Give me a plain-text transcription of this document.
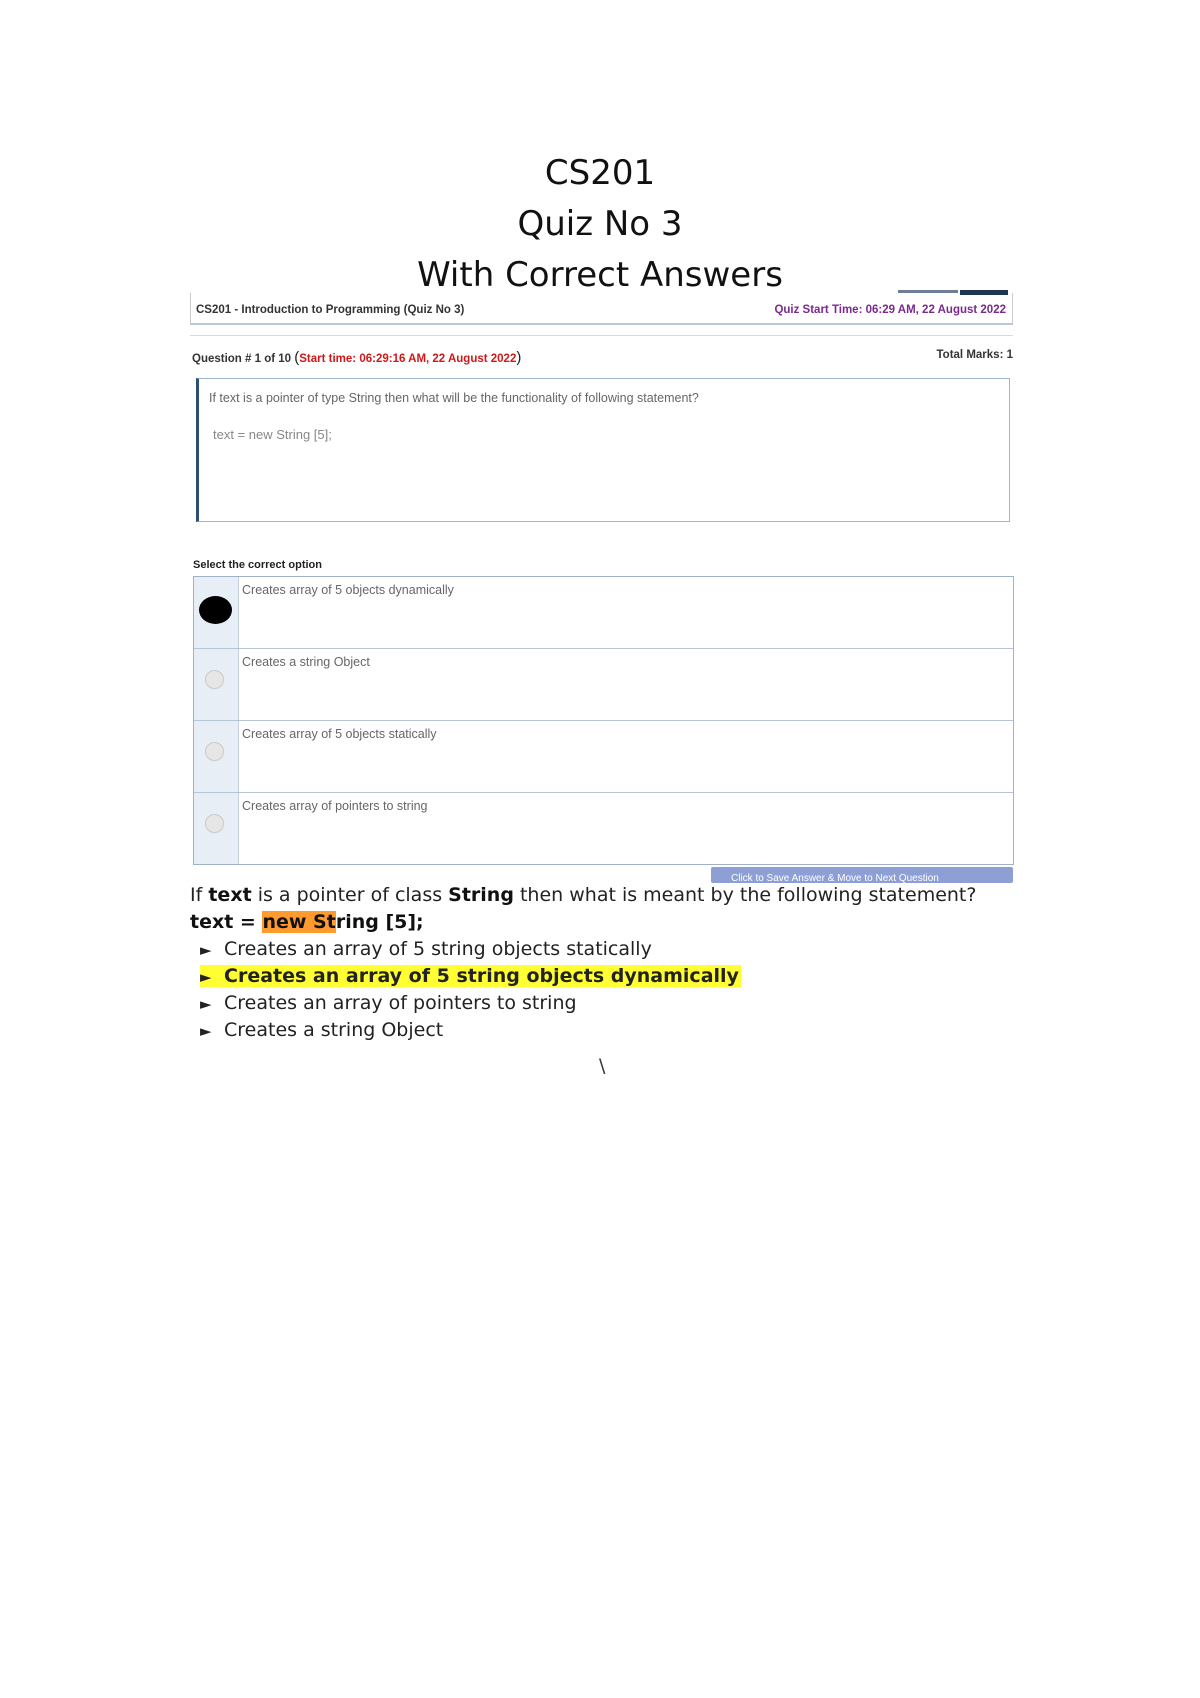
CS201
Quiz No 3
With Correct Answers
CS201 - Introduction to Programming (Quiz No 3)	Quiz Start Time: 06:29 AM, 22 August 2022
Question # 1 of 10 (Start time: 06:29:16 AM, 22 August 2022)	Total Marks: 1
If text is a pointer of type String then what will be the functionality of following statement?
text = new String [5];
Select the correct option
Creates array of 5 objects dynamically
Creates a string Object
Creates array of 5 objects statically
Creates array of pointers to string
Click to Save Answer & Move to Next Question
If text is a pointer of class String then what is meant by the following statement?
text = new String [5];
► Creates an array of 5 string objects statically
► Creates an array of 5 string objects dynamically
► Creates an array of pointers to string
► Creates a string Object
\
